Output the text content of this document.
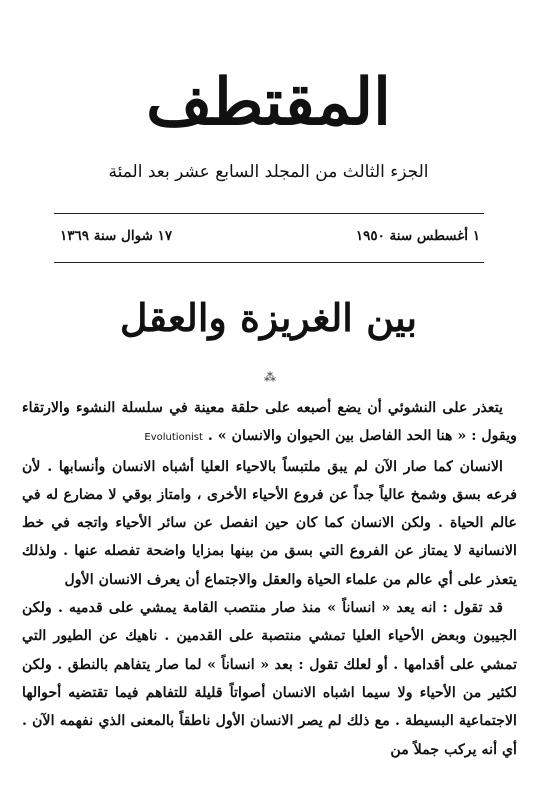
المقتطف
الجزء الثالث من المجلد السابع عشر بعد المئة
١ أغسطس سنة ١٩٥٠
١٧ شوال سنة ١٣٦٩
بين الغريزة والعقل
⁂

يتعذر على النشوئي أن يضع أصبعه على حلقة معينة في سلسلة النشوء والارتقاء ويقول : « هنا الحد الفاصل بين الحيوان والانسان » . Evolutionist

الانسان كما صار الآن لم يبق ملتبساً بالاحياء العليا أشباه الانسان وأنسابها . لأن فرعه بسق وشمخ عالياً جداً عن فروع الأحياء الأخرى ، وامتاز بوقي لا مضارع له في عالم الحياة . ولكن الانسان كما كان حين انفصل عن سائر الأحياء واتجه في خط الانسانية لا يمتاز عن الفروع التي بسق من بينها بمزايا واضحة تفصله عنها . ولذلك يتعذر على أي عالم من علماء الحياة والعقل والاجتماع أن يعرف الانسان الأول

قد تقول : انه يعد « انساناً » منذ صار منتصب القامة يمشي على قدميه . ولكن الجيبون وبعض الأحياء العليا تمشي منتصبة على القدمين . ناهيك عن الطيور التي تمشي على أقدامها . أو لعلك تقول : بعد « انساناً » لما صار يتفاهم بالنطق . ولكن لكثير من الأحياء ولا سيما اشباه الانسان أصواتاً قليلة للتفاهم فيما تقتضيه أحوالها الاجتماعية البسيطة . مع ذلك لم يصر الانسان الأول ناطقاً بالمعنى الذي نفهمه الآن . أي أنه يركب جملاً من
